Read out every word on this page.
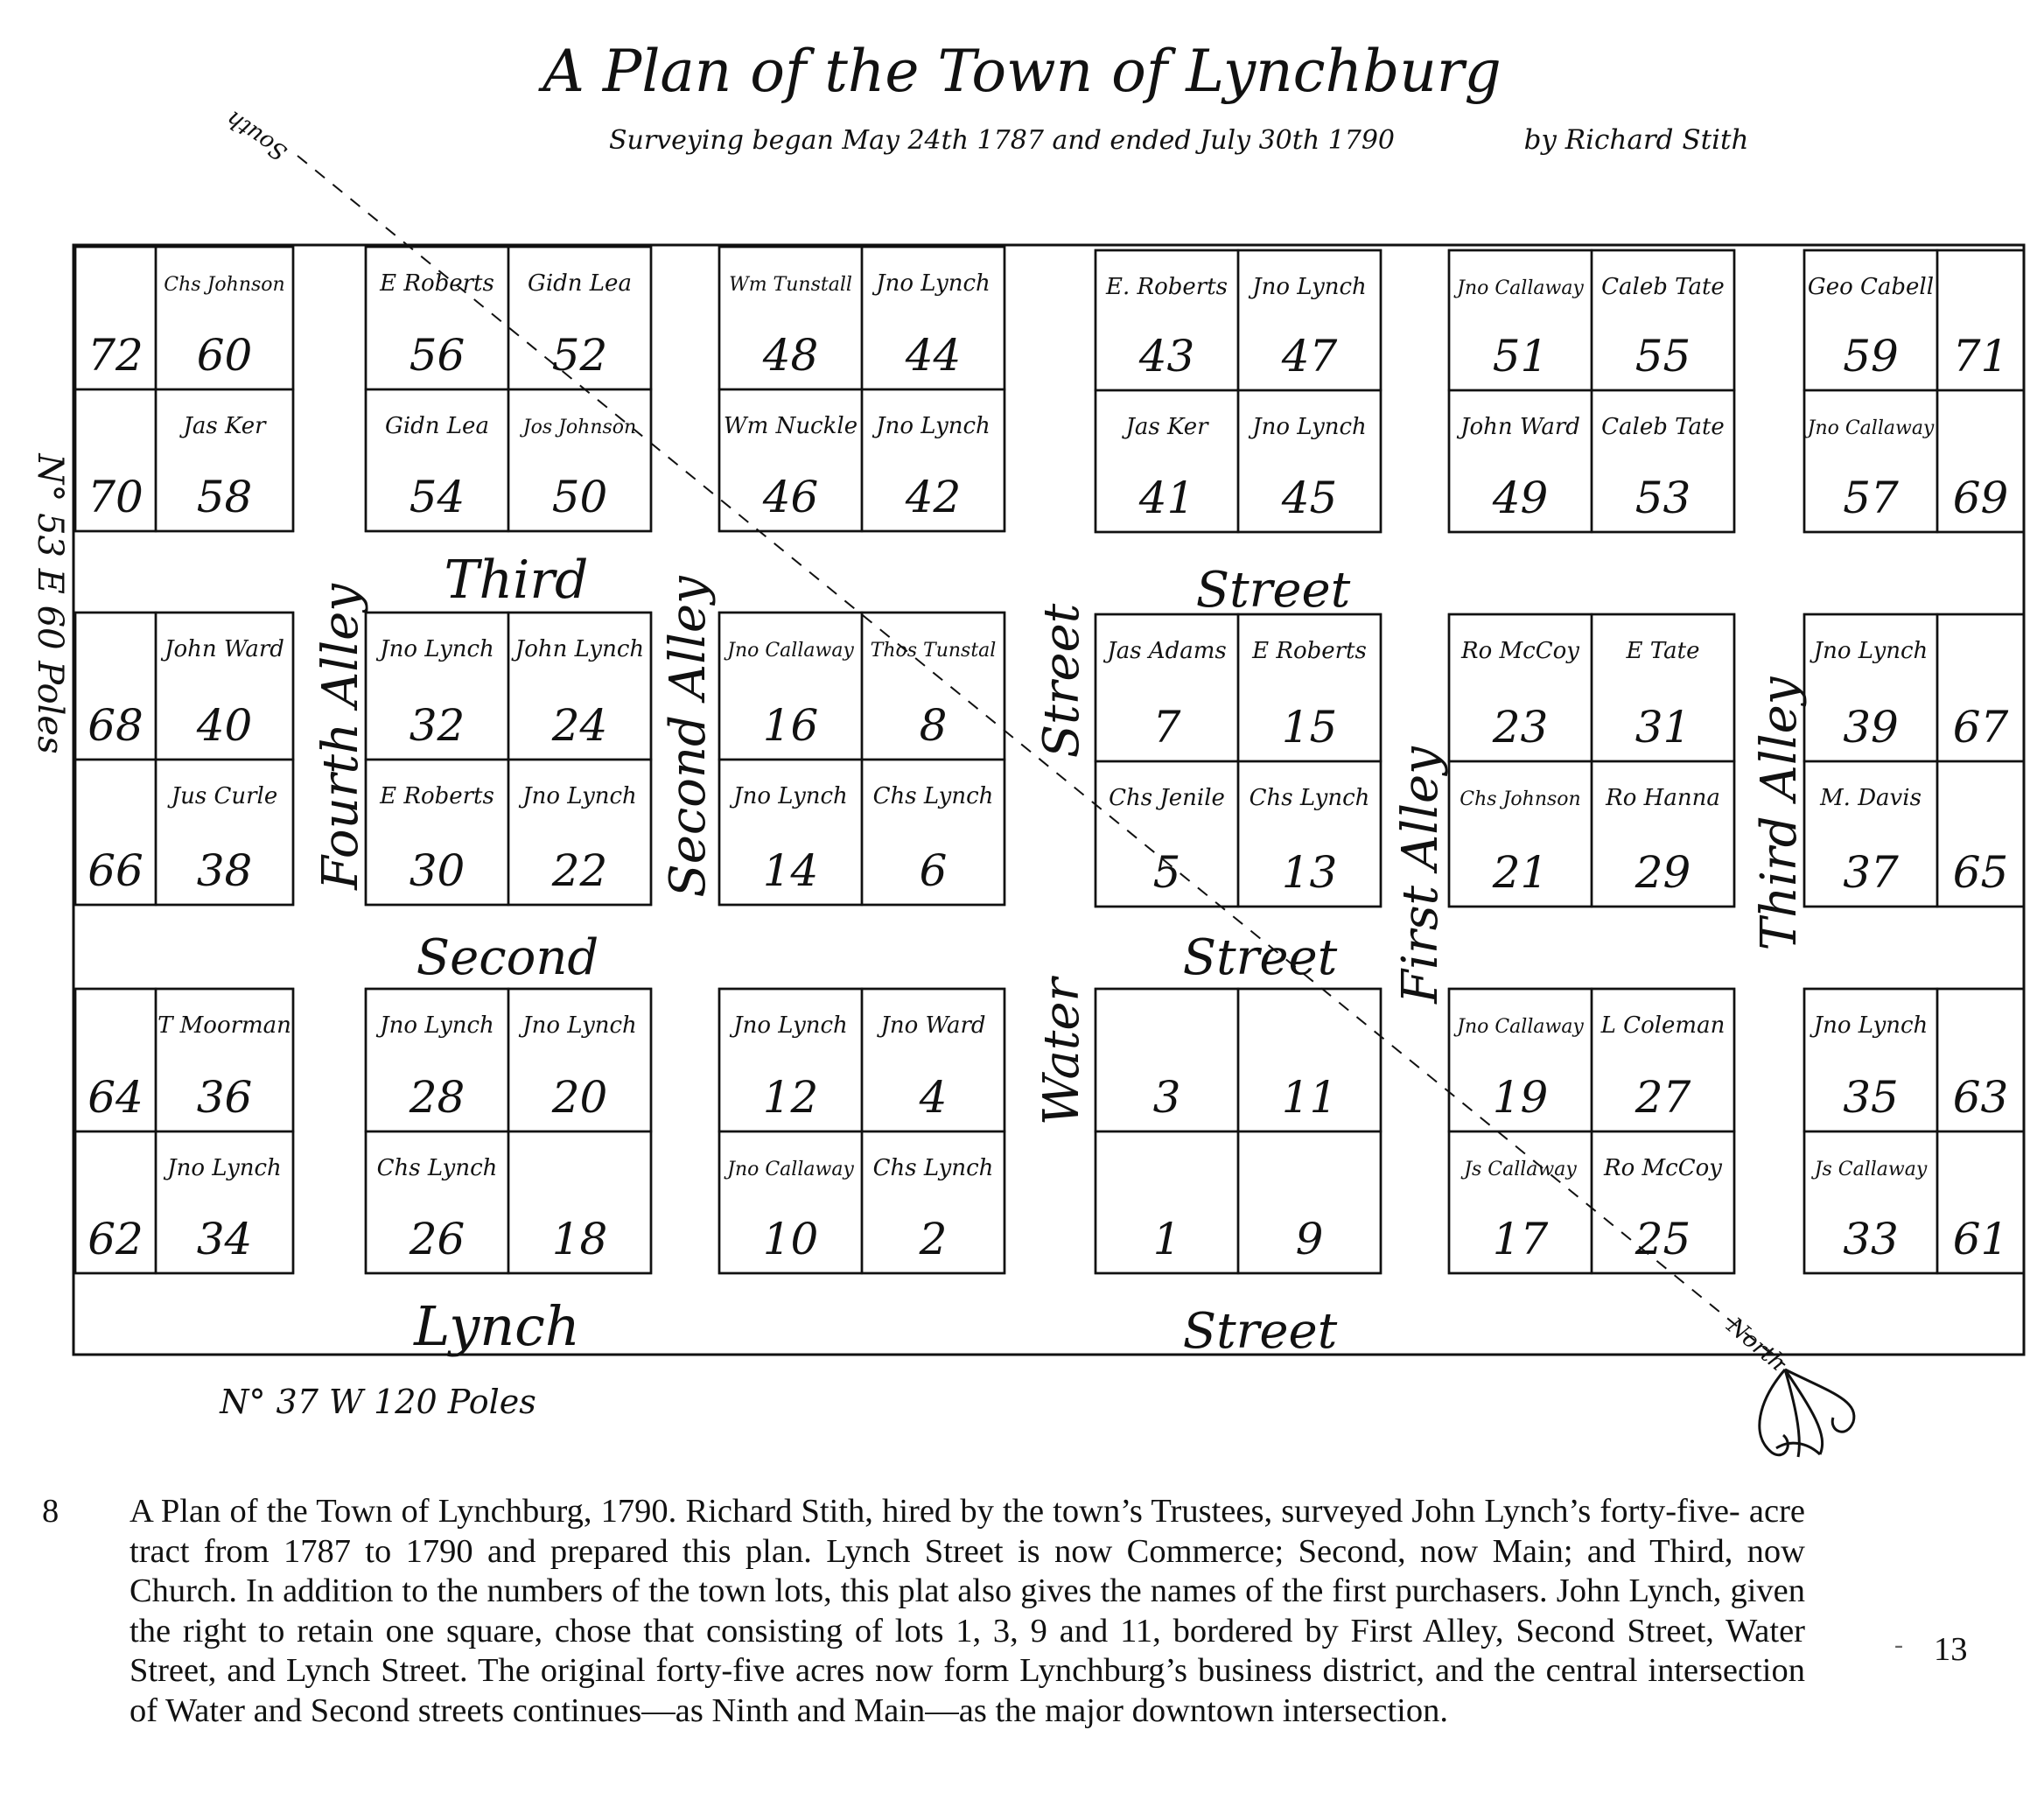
A Plan of the Town of Lynchburg
Surveying began May 24th 1787 and ended July 30th 1790	by Richard Stith
72
Chs Johnson
60
70
Jas Ker
58
E Roberts
56
Gidn Lea
52
Gidn Lea
54
Jos Johnson
50
Wm Tunstall
48
Jno Lynch
44
Wm Nuckle
46
Jno Lynch
42
E. Roberts
43
Jno Lynch
47
Jas Ker
41
Jno Lynch
45
Jno Callaway
51
Caleb Tate
55
John Ward
49
Caleb Tate
53
Geo Cabell
59 71
Jno Callaway
57 69
68
John Ward
40
66
Jus Curle
38
Jno Lynch
32
John Lynch
24
E Roberts
30
Jno Lynch
22
Jno Callaway
16
Thos Tunstal
8
Jno Lynch
14
Chs Lynch
6
Jas Adams
7
E Roberts
15
Chs Jenile
5
Chs Lynch
13
Ro McCoy
23
E Tate
31
Chs Johnson
21
Ro Hanna
29
Jno Lynch
39 67
M. Davis
37 65
64
T Moorman
36
62
Jno Lynch
34
Jno Lynch
28
Jno Lynch
20
Chs Lynch
26 18
Jno Lynch
12
Jno Ward
4
Jno Callaway
10
Chs Lynch
2
3 11
1	9
Jno Callaway
19
L Coleman
27
Js Callaway
17
Ro McCoy
25
Jno Lynch
35 63
Js Callaway
33 61
Third	Street
Second	Street
Lynch	Street
Fourth Alley	Second Alley	Street
Water
First Alley	Third Alley
N° 53 E 60 Poles
N° 37 W 120 Poles
South
North
8 A Plan of the Town of Lynchburg, 1790. Richard Stith, hired by the town’s Trustees, surveyed John Lynch’s forty-five- acre tract from 1787 to 1790 and prepared this plan. Lynch Street is now Commerce; Second, now Main; and Third, now Church. In addition to the numbers of the town lots, this plat also gives the names of the first purchasers. John Lynch, given the right to retain one square, chose that consisting of lots 1, 3, 9 and 11, bordered by First Alley, Second Street, Water Street, and Lynch Street. The original forty-five acres now form Lynchburg’s business district, and the central intersection of Water and Second streets continues—as Ninth and Main—as the major downtown intersection.

- 13
